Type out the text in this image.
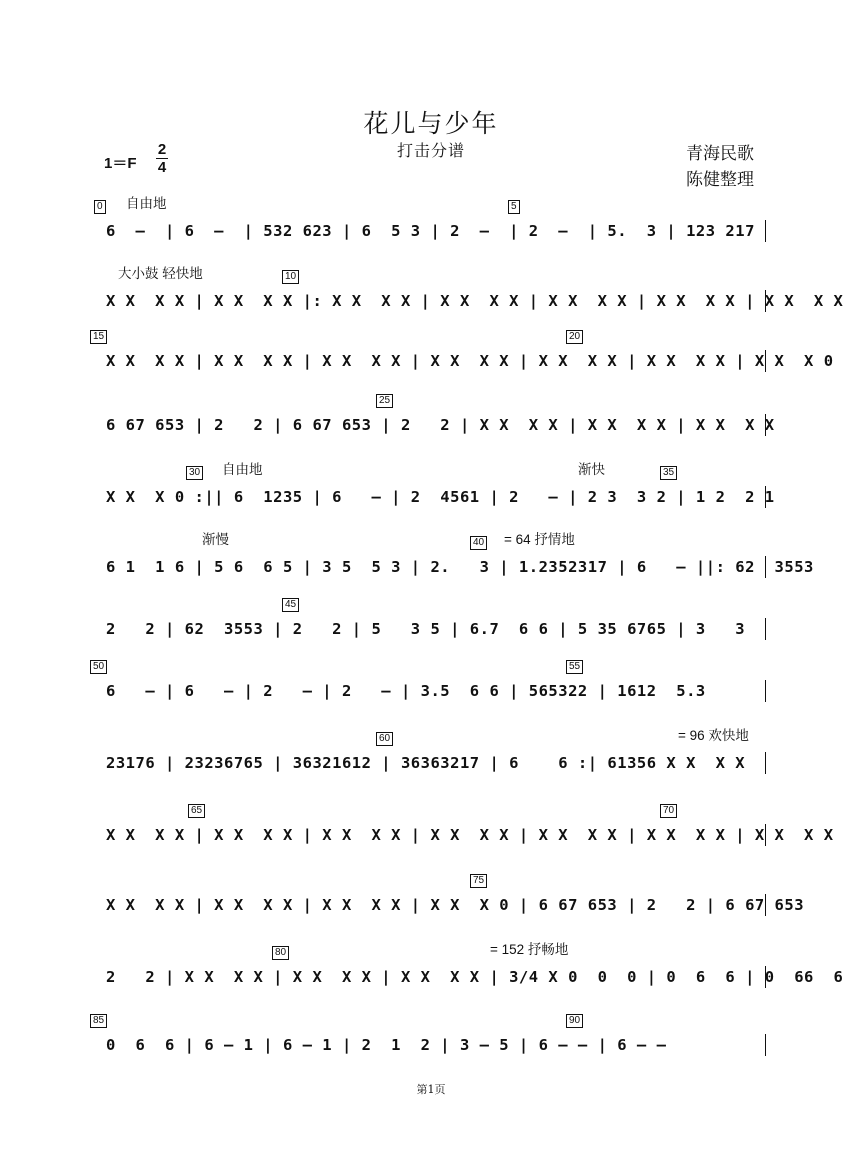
花儿与少年
打击分谱
1＝F
2
4
青海民歌
陈健整理
0	5
自由地
6  –  | 6  –  | 532 623 | 6  5 3 | 2  –  | 2  –  | 5.  3 | 123 217
10
大小鼓 轻快地
X X  X X | X X  X X |: X X  X X | X X  X X | X X  X X | X X  X X | X X  X X
15	20
X X  X X | X X  X X | X X  X X | X X  X X | X X  X X | X X  X X | X X  X 0
25
6 67 653 | 2   2 | 6 67 653 | 2   2 | X X  X X | X X  X X | X X  X X
30	35
自由地	渐快
X X  X 0 :|| 6  1235 | 6   – | 2  4561 | 2   – | 2 3  3 2 | 1 2  2 1
40
渐慢	= 64 抒情地
6 1  1 6 | 5 6  6 5 | 3 5  5 3 | 2.   3 | 1.2352317 | 6   – ||: 62  3553
45
2   2 | 62  3553 | 2   2 | 5   3 5 | 6.7  6 6 | 5 35 6765 | 3   3
50	55
6   – | 6   – | 2   – | 2   – | 3.5  6 6 | 565322 | 1612  5.3
60	= 96 欢快地
23176 | 23236765 | 36321612 | 36363217 | 6    6 :| 61356 X X  X X
65	70
X X  X X | X X  X X | X X  X X | X X  X X | X X  X X | X X  X X | X X  X X
75
X X  X X | X X  X X | X X  X X | X X  X 0 | 6 67 653 | 2   2 | 6 67 653
80	= 152 抒畅地
2   2 | X X  X X | X X  X X | X X  X X | 3/4 X 0  0  0 | 0  6  6 | 0  66  6
85	90
0  6  6 | 6 – 1 | 6 – 1 | 2  1  2 | 3 – 5 | 6 – – | 6 – –
第1页
